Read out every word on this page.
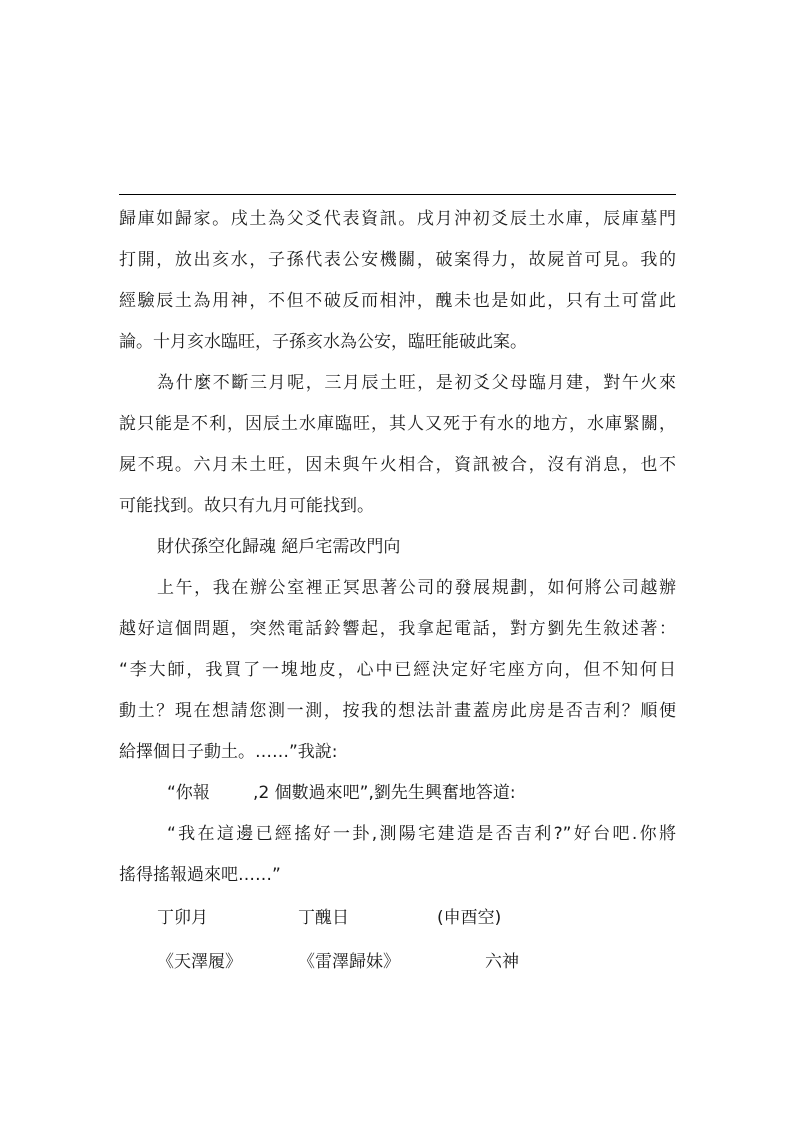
歸庫如歸家。戌土為父爻代表資訊。戌月沖初爻辰土水庫，辰庫墓門
打開，放出亥水，子孫代表公安機關，破案得力，故屍首可見。我的
經驗辰土為用神，不但不破反而相沖，醜未也是如此，只有土可當此
論。十月亥水臨旺，子孫亥水為公安，臨旺能破此案。
為什麼不斷三月呢，三月辰土旺，是初爻父母臨月建，對午火來
說只能是不利，因辰土水庫臨旺，其人又死于有水的地方，水庫緊關，
屍不現。六月未土旺，因未與午火相合，資訊被合，沒有消息，也不
可能找到。故只有九月可能找到。
財伏孫空化歸魂 絕戶宅需改門向
上午，我在辦公室裡正冥思著公司的發展規劃，如何將公司越辦
越好這個問題，突然電話鈴響起，我拿起電話，對方劉先生敘述著：
“李大師，我買了一塊地皮，心中已經決定好宅座方向，但不知何日
動土？現在想請您測一測，按我的想法計畫蓋房此房是否吉利？順便
給擇個日子動土。……”我說:
“你報        ,2 個數過來吧”,劉先生興奮地答道:
“我在這邊已經搖好一卦,測陽宅建造是否吉利?”好台吧.你將
搖得搖報過來吧……”
丁卯月	丁醜日	(申酉空)
《天澤履》	《雷澤歸妹》	六神
